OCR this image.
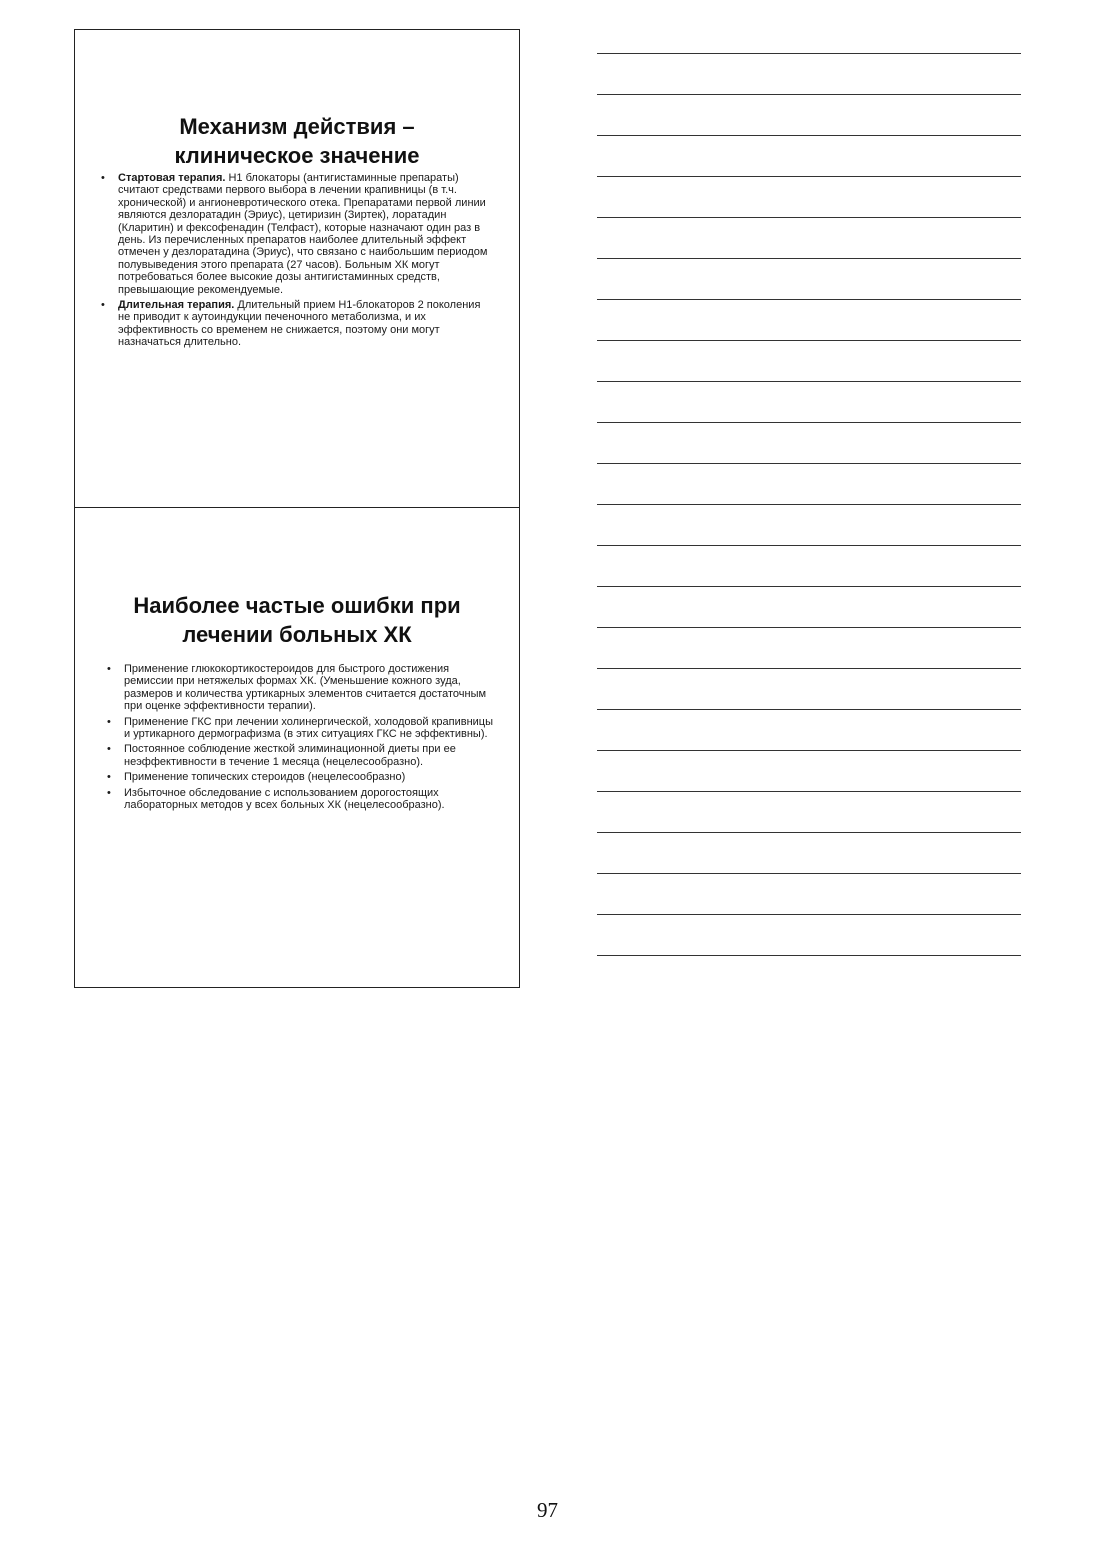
Механизм действия –
клиническое значение
• Стартовая терапия. Н1 блокаторы (антигистаминные препараты) считают средствами первого выбора в лечении крапивницы (в т.ч. хронической) и ангионевротического отека. Препаратами первой линии являются дезлоратадин (Эриус), цетиризин (Зиртек), лоратадин (Кларитин) и фексофенадин (Телфаст), которые назначают один раз в день. Из перечисленных препаратов наиболее длительный эффект отмечен у дезлоратадина (Эриус), что связано с наибольшим периодом полувыведения этого препарата (27 часов). Больным ХК могут потребоваться более высокие дозы антигистаминных средств, превышающие рекомендуемые.
• Длительная терапия. Длительный прием Н1-блокаторов 2 поколения не приводит к аутоиндукции печеночного метаболизма, и их эффективность со временем не снижается, поэтому они могут назначаться длительно.
Наиболее частые ошибки при
лечении больных ХК
• Применение глюкокортикостероидов для быстрого достижения ремиссии при нетяжелых формах ХК. (Уменьшение кожного зуда, размеров и количества уртикарных элементов считается достаточным при оценке эффективности терапии).
• Применение ГКС при лечении холинергической, холодовой крапивницы и уртикарного дермографизма (в этих ситуациях ГКС не эффективны).
• Постоянное соблюдение жесткой элиминационной диеты при ее неэффективности в течение 1 месяца (нецелесообразно).
• Применение топических стероидов (нецелесообразно)
• Избыточное обследование с использованием дорогостоящих лабораторных методов у всех больных ХК (нецелесообразно).
97
